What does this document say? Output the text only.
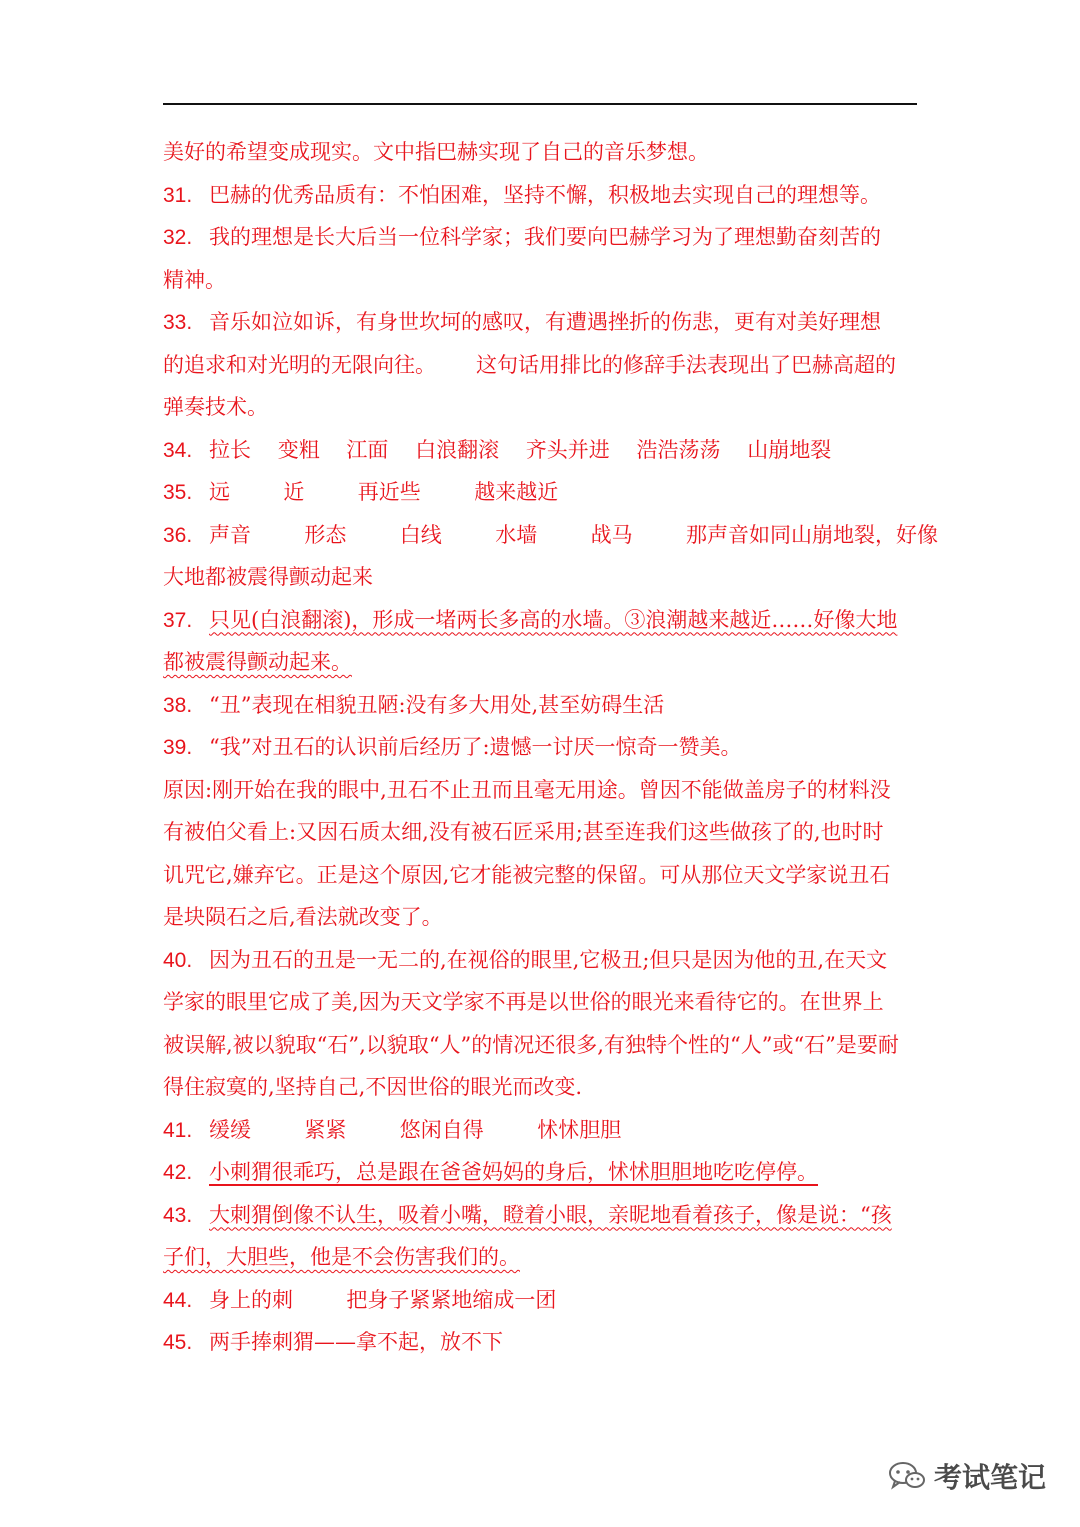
美好的希望变成现实。文中指巴赫实现了自己的音乐梦想。
31. 巴赫的优秀品质有：不怕困难，坚持不懈，积极地去实现自己的理想等。
32. 我的理想是长大后当一位科学家；我们要向巴赫学习为了理想勤奋刻苦的
精神。
33. 音乐如泣如诉，有身世坎坷的感叹，有遭遇挫折的伤悲，更有对美好理想
的追求和对光明的无限向往。      这句话用排比的修辞手法表现出了巴赫高超的
弹奏技术。
34. 拉长    变粗    江面    白浪翻滚    齐头并进    浩浩荡荡    山崩地裂
35. 远        近        再近些        越来越近
36. 声音        形态        白线        水墙        战马        那声音如同山崩地裂，好像
大地都被震得颤动起来
37. 只见(白浪翻滚)，形成一堵两长多高的水墙。③浪潮越来越近……好像大地
都被震得颤动起来。
38. “丑”表现在相貌丑陋:没有多大用处,甚至妨碍生活
39. “我”对丑石的认识前后经历了:遗憾一讨厌一惊奇一赞美。
原因:刚开始在我的眼中,丑石不止丑而且毫无用途。曾因不能做盖房子的材料没
有被伯父看上:又因石质太细,没有被石匠采用;甚至连我们这些做孩了的,也时时
讥咒它,嫌弃它。正是这个原因,它才能被完整的保留。可从那位天文学家说丑石
是块陨石之后,看法就改变了。
40. 因为丑石的丑是一无二的,在视俗的眼里,它极丑;但只是因为他的丑,在天文
学家的眼里它成了美,因为天文学家不再是以世俗的眼光来看待它的。在世界上
被误解,被以貌取“石”,以貌取“人”的情况还很多,有独特个性的“人”或“石”是要耐
得住寂寞的,坚持自己,不因世俗的眼光而改变.
41. 缓缓        紧紧        悠闲自得        怵怵胆胆
42. 小刺猬很乖巧，总是跟在爸爸妈妈的身后，怵怵胆胆地吃吃停停。
43. 大刺猬倒像不认生，吸着小嘴，瞪着小眼，亲昵地看着孩子，像是说：“孩
子们，大胆些，他是不会伤害我们的。
44. 身上的刺        把身子紧紧地缩成一团
45. 两手捧刺猬——拿不起，放不下
考试笔记
